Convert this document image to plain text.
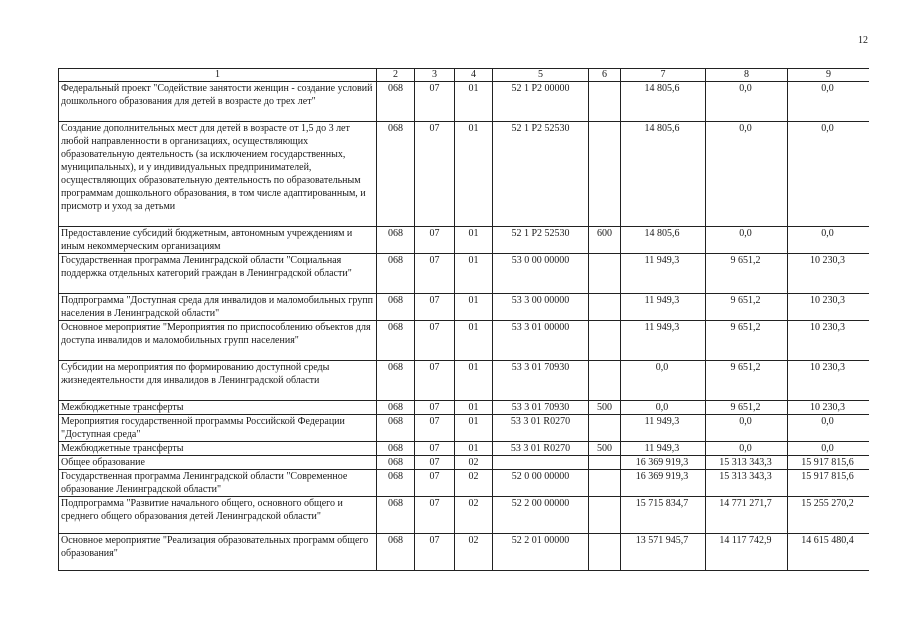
12
1	2	3	4	5	6	7	8	9
Федеральный проект "Содействие занятости женщин - создание условий дошкольного образования для детей в возрасте до трех лет"	068	07	01	52 1 P2 00000		14 805,6	0,0	0,0
Создание дополнительных мест для детей в возрасте от 1,5 до 3 лет любой направленности в организациях, осуществляющих образовательную деятельность (за исключением государственных, муниципальных), и у индивидуальных предпринимателей, осуществляющих образовательную деятельность по образовательным программам дошкольного образования, в том числе адаптированным, и присмотр и уход за детьми	068	07	01	52 1 P2 52530		14 805,6	0,0	0,0
Предоставление субсидий бюджетным, автономным учреждениям и иным некоммерческим организациям	068	07	01	52 1 P2 52530	600	14 805,6	0,0	0,0
Государственная программа Ленинградской области "Социальная поддержка отдельных категорий граждан в Ленинградской области"	068	07	01	53 0 00 00000		11 949,3	9 651,2	10 230,3
Подпрограмма "Доступная среда для инвалидов и маломобильных групп населения в Ленинградской области"	068	07	01	53 3 00 00000		11 949,3	9 651,2	10 230,3
Основное мероприятие "Мероприятия по приспособлению объектов для доступа инвалидов и маломобильных групп населения"	068	07	01	53 3 01 00000		11 949,3	9 651,2	10 230,3
Субсидии на мероприятия по формированию доступной среды жизнедеятельности для инвалидов в Ленинградской области	068	07	01	53 3 01 70930		0,0	9 651,2	10 230,3
Межбюджетные трансферты	068	07	01	53 3 01 70930	500	0,0	9 651,2	10 230,3
Мероприятия государственной программы Российской Федерации "Доступная среда"	068	07	01	53 3 01 R0270		11 949,3	0,0	0,0
Межбюджетные трансферты	068	07	01	53 3 01 R0270	500	11 949,3	0,0	0,0
Общее образование	068	07	02			16 369 919,3	15 313 343,3	15 917 815,6
Государственная программа Ленинградской области "Современное образование Ленинградской области"	068	07	02	52 0 00 00000		16 369 919,3	15 313 343,3	15 917 815,6
Подпрограмма "Развитие начального общего, основного общего и среднего общего образования детей Ленинградской области"	068	07	02	52 2 00 00000		15 715 834,7	14 771 271,7	15 255 270,2
Основное мероприятие "Реализация образовательных программ общего образования"	068	07	02	52 2 01 00000		13 571 945,7	14 117 742,9	14 615 480,4
